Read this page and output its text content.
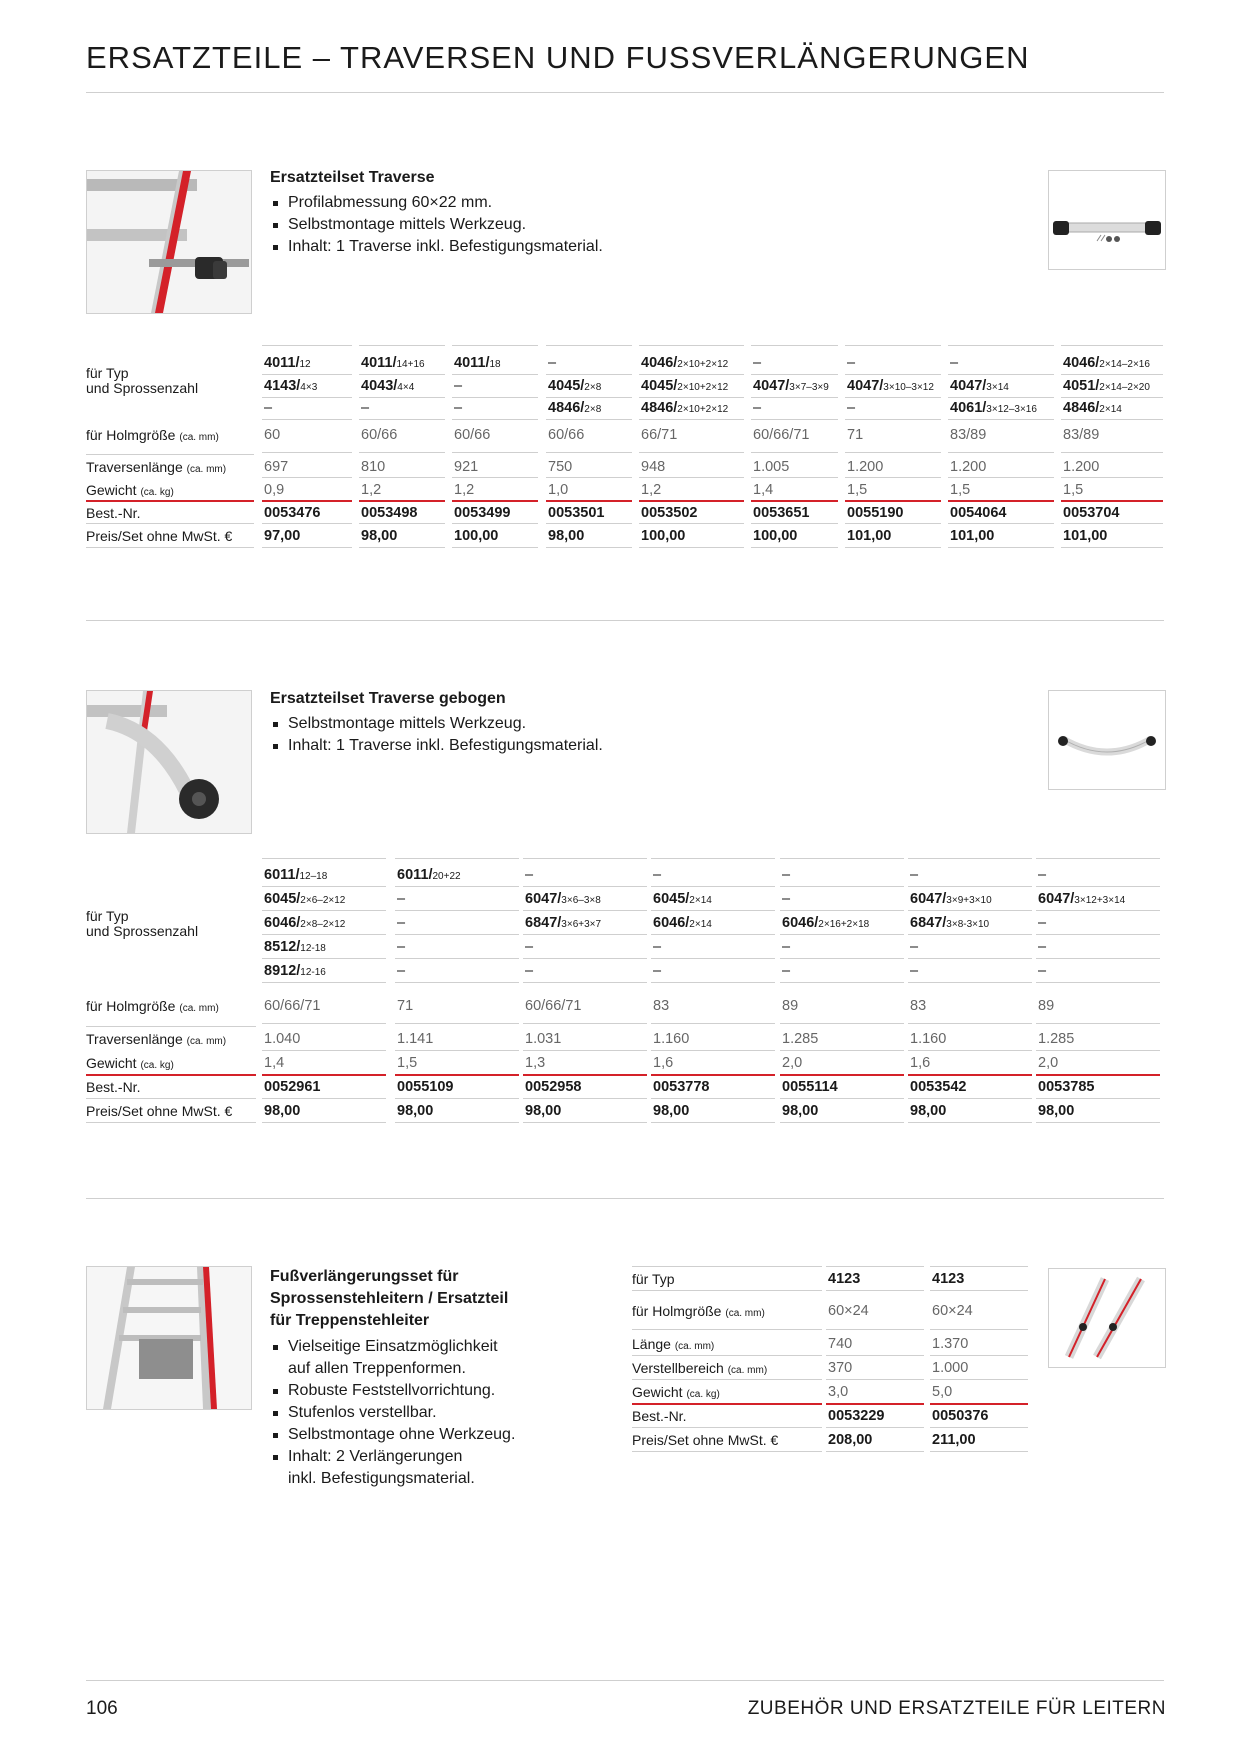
ERSATZTEILE – TRAVERSEN UND FUSSVERLÄNGERUNGEN
Ersatzteilset Traverse
Profilabmessung 60×22 mm.
Selbstmontage mittels Werkzeug.
Inhalt: 1 Traverse inkl. Befestigungsmaterial.
für Typ
und Sprossenzahl
für Holmgröße (ca. mm)
Traversenlänge (ca. mm)
Gewicht (ca. kg)
Best.-Nr.
Preis/Set ohne MwSt. €
4011/12
4143/4×3
–
60
697
0,9
0053476
97,00
4011/14+16
4043/4×4
–
60/66
810
1,2
0053498
98,00
4011/18
–
–
60/66
921
1,2
0053499
100,00
–
4045/2×8
4846/2×8
60/66
750
1,0
0053501
98,00
4046/2×10+2×12
4045/2×10+2×12
4846/2×10+2×12
66/71
948
1,2
0053502
100,00
–
4047/3×7–3×9
–
60/66/71
1.005
1,4
0053651
100,00
–
4047/3×10–3×12
–
71
1.200
1,5
0055190
101,00
–
4047/3×14
4061/3×12–3×16
83/89
1.200
1,5
0054064
101,00
4046/2×14–2×16
4051/2×14–2×20
4846/2×14
83/89
1.200
1,5
0053704
101,00
Ersatzteilset Traverse gebogen
Selbstmontage mittels Werkzeug.
Inhalt: 1 Traverse inkl. Befestigungsmaterial.
für Typ
und Sprossenzahl
für Holmgröße (ca. mm)
Traversenlänge (ca. mm)
Gewicht (ca. kg)
Best.-Nr.
Preis/Set ohne MwSt. €
6011/12–18
6045/2×6–2×12
6046/2×8–2×12
8512/12-18
8912/12-16
60/66/71
1.040
1,4
0052961
98,00
6011/20+22
–
–
–
–
71
1.141
1,5
0055109
98,00
–
6047/3×6–3×8
6847/3×6+3×7
–
–
60/66/71
1.031
1,3
0052958
98,00
–
6045/2×14
6046/2×14
–
–
83
1.160
1,6
0053778
98,00
–
–
6046/2×16+2×18
–
–
89
1.285
2,0
0055114
98,00
–
6047/3×9+3×10
6847/3×8-3×10
–
–
83
1.160
1,6
0053542
98,00
–
6047/3×12+3×14
–
–
–
89
1.285
2,0
0053785
98,00
Fußverlängerungsset für
Sprossenstehleitern / Ersatzteil
für Treppenstehleiter
Vielseitige Einsatzmöglichkeit
auf allen Treppenformen.
Robuste Feststellvorrichtung.
Stufenlos verstellbar.
Selbstmontage ohne Werkzeug.
Inhalt: 2 Verlängerungen
inkl. Befestigungsmaterial.
für Typ
für Holmgröße (ca. mm)
Länge (ca. mm)
Verstellbereich (ca. mm)
Gewicht (ca. kg)
Best.-Nr.
Preis/Set ohne MwSt. €
4123
60×24
740
370
3,0
0053229
208,00
4123
60×24
1.370
1.000
5,0
0050376
211,00
106	ZUBEHÖR UND ERSATZTEILE FÜR LEITERN
